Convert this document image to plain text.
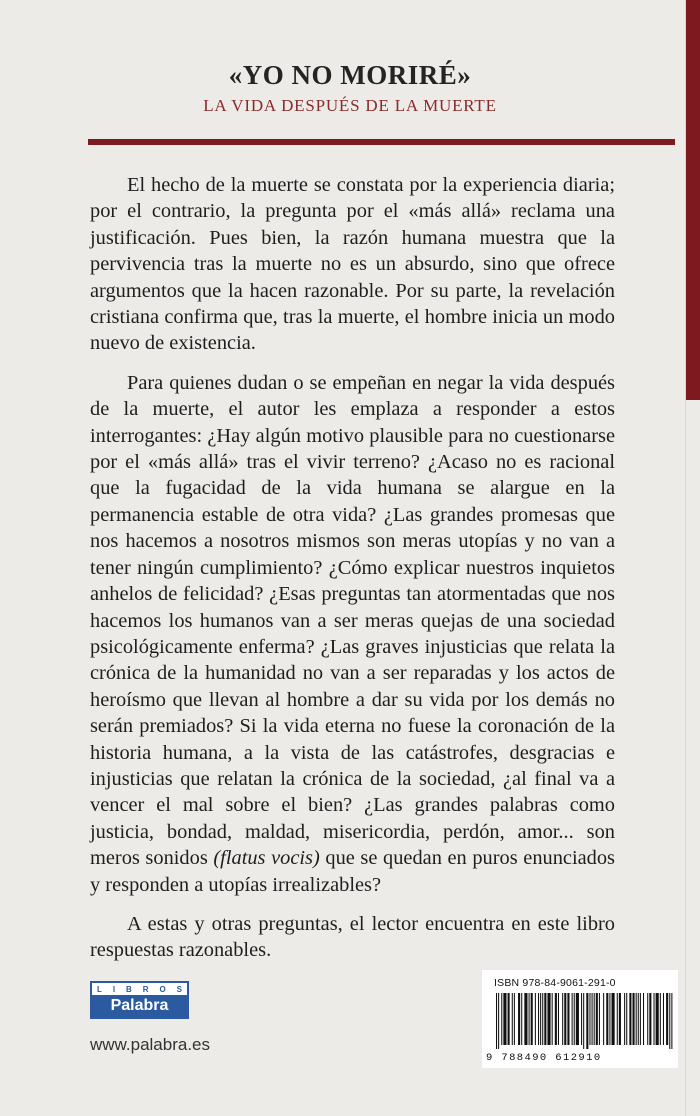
«YO NO MORIRÉ»
LA VIDA DESPUÉS DE LA MUERTE

El hecho de la muerte se constata por la experiencia diaria; por el contrario, la pregunta por el «más allá» reclama una justificación. Pues bien, la razón humana muestra que la pervivencia tras la muerte no es un absurdo, sino que ofrece argumentos que la hacen razonable. Por su parte, la revelación cristiana confirma que, tras la muerte, el hombre inicia un modo nuevo de existencia.

Para quienes dudan o se empeñan en negar la vida después de la muerte, el autor les emplaza a responder a estos interrogantes: ¿Hay algún motivo plausible para no cuestionarse por el «más allá» tras el vivir terreno? ¿Acaso no es racional que la fugacidad de la vida humana se alargue en la permanencia estable de otra vida? ¿Las grandes promesas que nos hacemos a nosotros mismos son meras utopías y no van a tener ningún cumplimiento? ¿Cómo explicar nuestros inquietos anhelos de felicidad? ¿Esas preguntas tan atormentadas que nos hacemos los humanos van a ser meras quejas de una sociedad psicológicamente enferma? ¿Las graves injusticias que relata la crónica de la humanidad no van a ser reparadas y los actos de heroísmo que llevan al hombre a dar su vida por los demás no serán premiados? Si la vida eterna no fuese la coronación de la historia humana, a la vista de las catástrofes, desgracias e injusticias que relatan la crónica de la sociedad, ¿al final va a vencer el mal sobre el bien? ¿Las grandes palabras como justicia, bondad, maldad, misericordia, perdón, amor... son meros sonidos (flatus vocis) que se quedan en puros enunciados y responden a utopías irrealizables?

A estas y otras preguntas, el lector encuentra en este libro respuestas razonables.

L I B R O S
Palabra
www.palabra.es
ISBN 978-84-9061-291-0
9 788490 612910
